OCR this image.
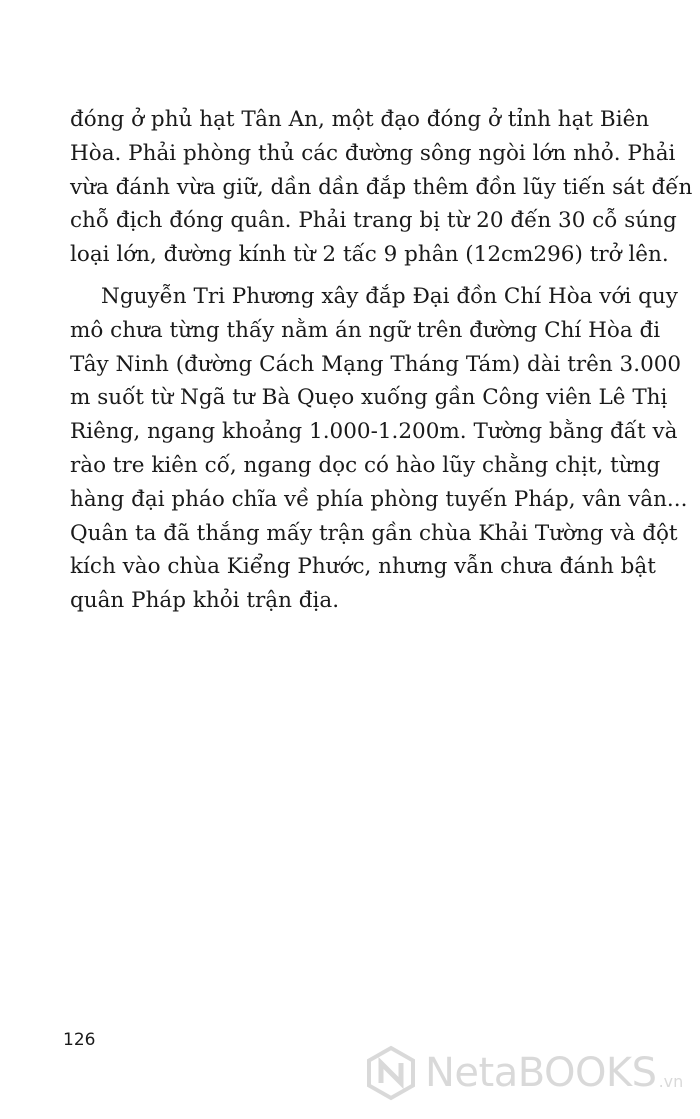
đóng ở phủ hạt Tân An, một đạo đóng ở tỉnh hạt Biên
Hòa. Phải phòng thủ các đường sông ngòi lớn nhỏ. Phải
vừa đánh vừa giữ, dần dần đắp thêm đồn lũy tiến sát đến
chỗ địch đóng quân. Phải trang bị từ 20 đến 30 cỗ súng
loại lớn, đường kính từ 2 tấc 9 phân (12cm296) trở lên.
Nguyễn Tri Phương xây đắp Đại đồn Chí Hòa với quy
mô chưa từng thấy nằm án ngữ trên đường Chí Hòa đi
Tây Ninh (đường Cách Mạng Tháng Tám) dài trên 3.000
m suốt từ Ngã tư Bà Quẹo xuống gần Công viên Lê Thị
Riêng, ngang khoảng 1.000-1.200m. Tường bằng đất và
rào tre kiên cố, ngang dọc có hào lũy chằng chịt, từng
hàng đại pháo chĩa về phía phòng tuyến Pháp, vân vân...
Quân ta đã thắng mấy trận gần chùa Khải Tường và đột
kích vào chùa Kiểng Phước, nhưng vẫn chưa đánh bật
quân Pháp khỏi trận địa.
126
NetaBOOKS .vn
